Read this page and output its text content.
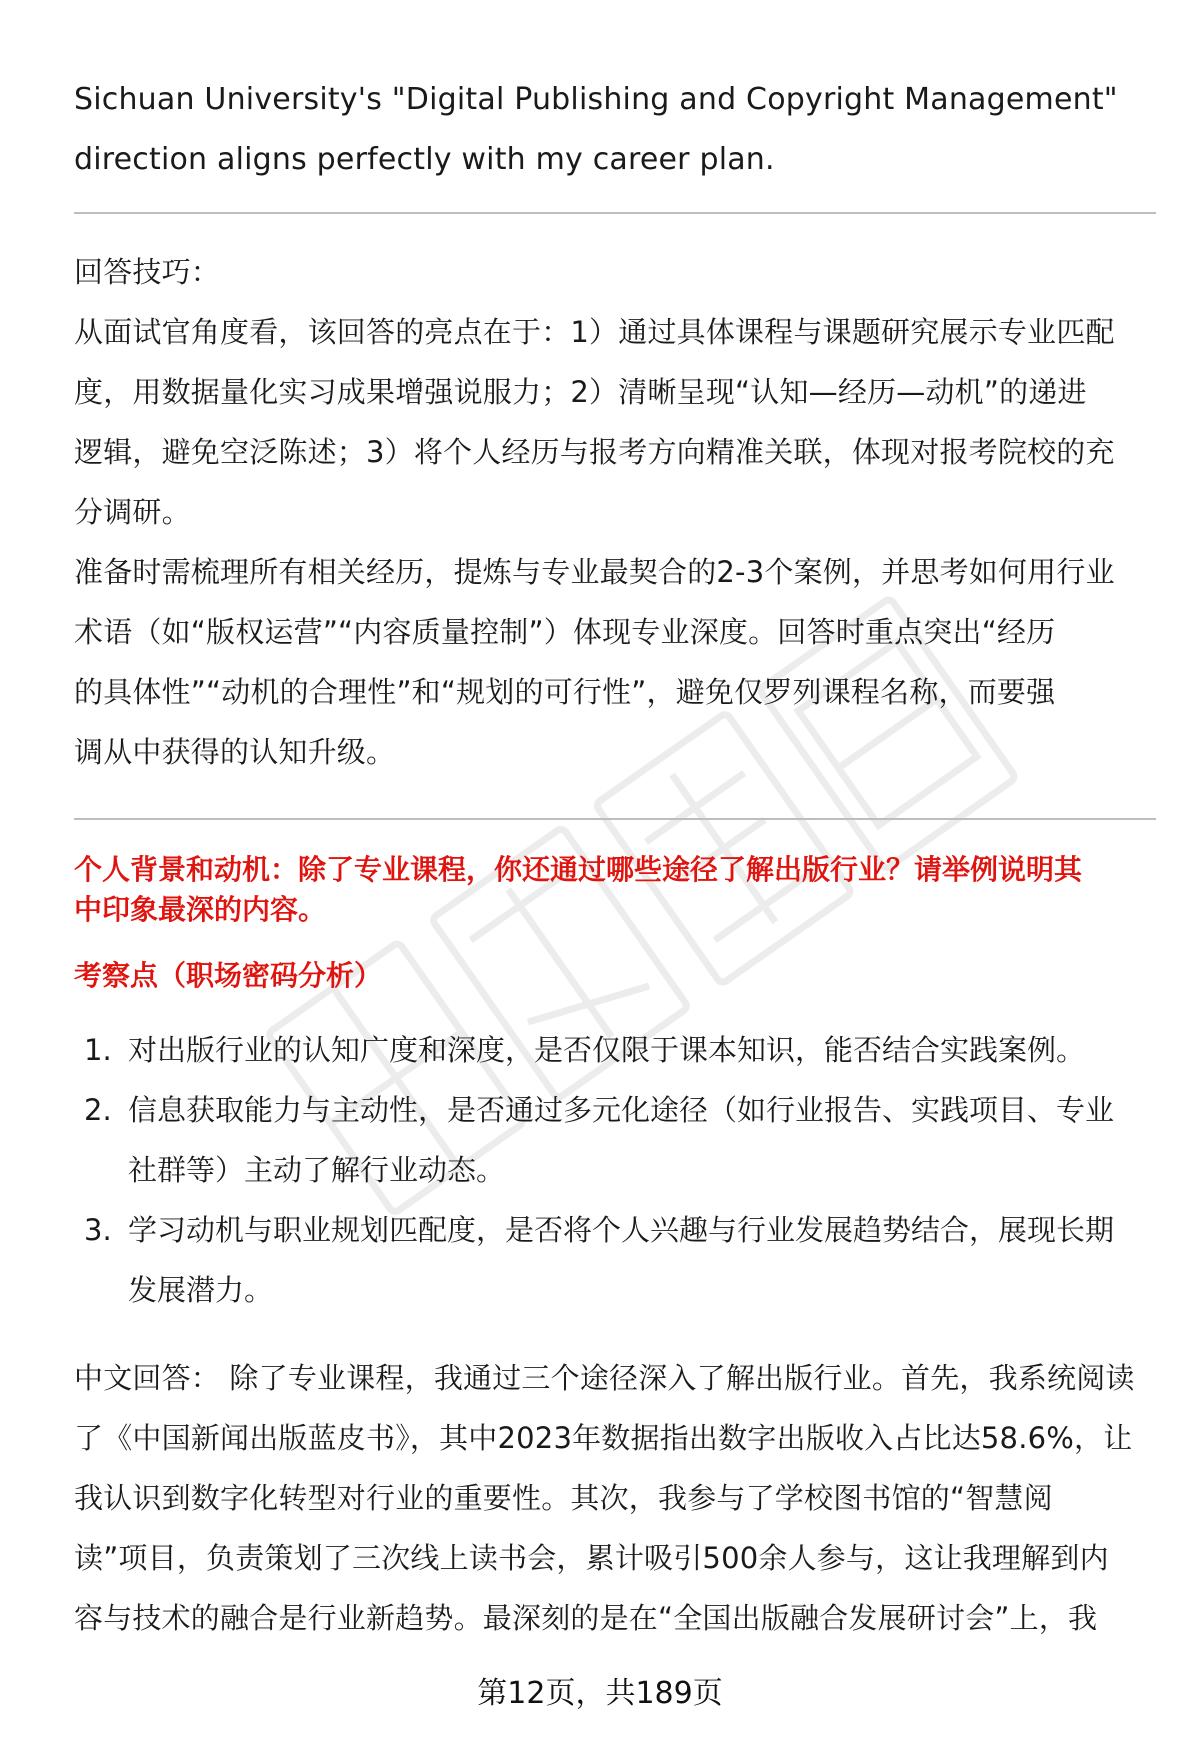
Sichuan University's "Digital Publishing and Copyright Management"
direction aligns perfectly with my career plan.

回答技巧：

从面试官角度看，该回答的亮点在于：1）通过具体课程与课题研究展示专业匹配
度，用数据量化实习成果增强说服力；2）清晰呈现“认知—经历—动机”的递进
逻辑，避免空泛陈述；3）将个人经历与报考方向精准关联，体现对报考院校的充
分调研。

准备时需梳理所有相关经历，提炼与专业最契合的2-3个案例，并思考如何用行业
术语（如“版权运营”“内容质量控制”）体现专业深度。回答时重点突出“经历
的具体性”“动机的合理性”和“规划的可行性”，避免仅罗列课程名称，而要强
调从中获得的认知升级。

个人背景和动机：除了专业课程，你还通过哪些途径了解出版行业？请举例说明其
中印象最深的内容。

考察点（职场密码分析）

1. 对出版行业的认知广度和深度，是否仅限于课本知识，能否结合实践案例。
2. 信息获取能力与主动性，是否通过多元化途径（如行业报告、实践项目、专业
社群等）主动了解行业动态。
3. 学习动机与职业规划匹配度，是否将个人兴趣与行业发展趋势结合，展现长期
发展潜力。

中文回答： 除了专业课程，我通过三个途径深入了解出版行业。首先，我系统阅读
了《中国新闻出版蓝皮书》，其中2023年数据指出数字出版收入占比达58.6%，让
我认识到数字化转型对行业的重要性。其次，我参与了学校图书馆的“智慧阅
读”项目，负责策划了三次线上读书会，累计吸引500余人参与，这让我理解到内
容与技术的融合是行业新趋势。最深刻的是在“全国出版融合发展研讨会”上，我

第12页，共189页
